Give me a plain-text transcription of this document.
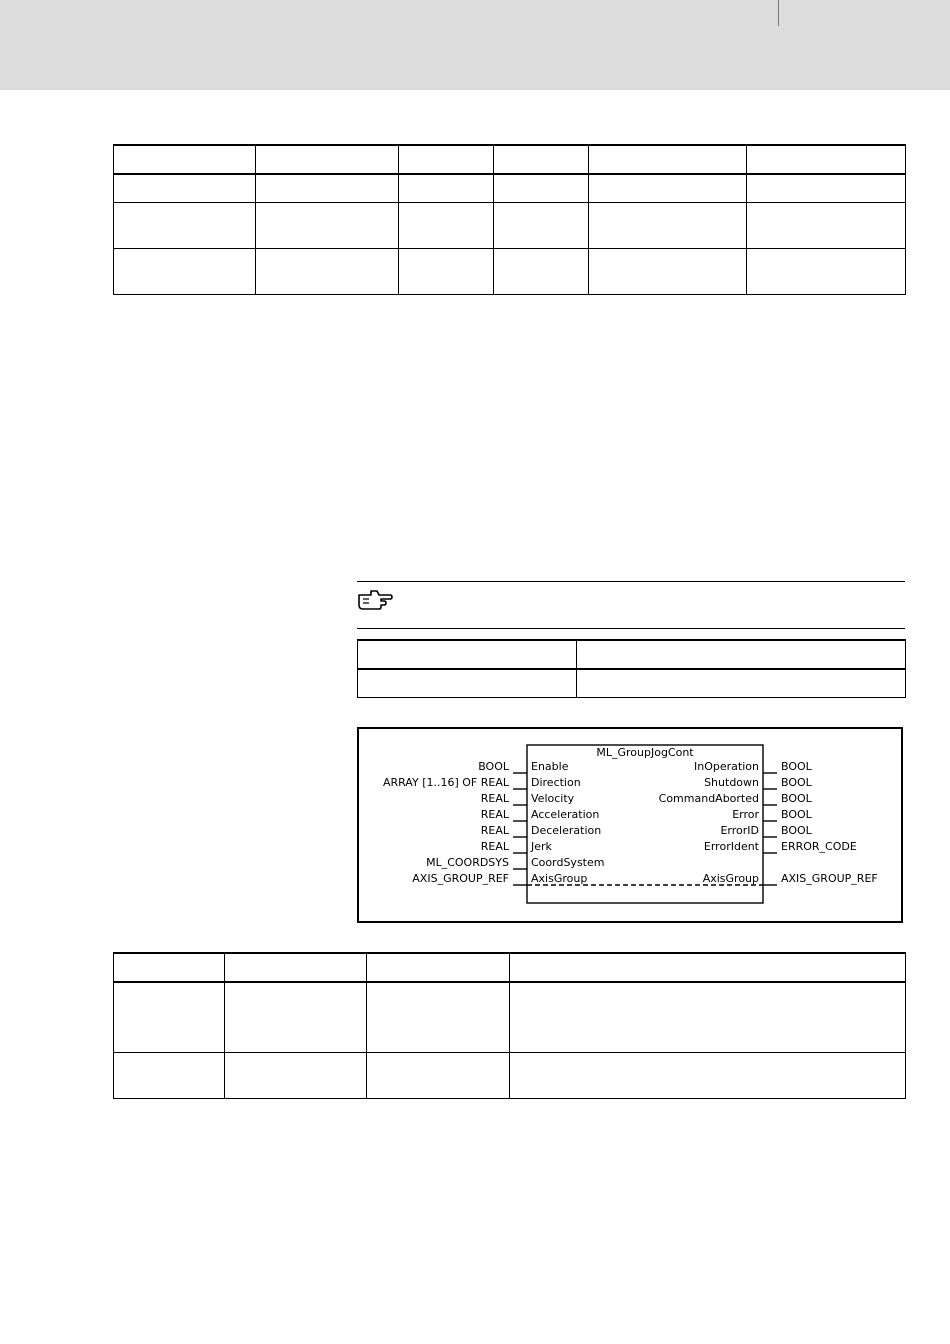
ML_GroupJogCont
BOOL Enable
ARRAY [1..16] OF REAL Direction
REAL Velocity
REAL Acceleration
REAL Deceleration
REAL Jerk
ML_COORDSYS CoordSystem
AXIS_GROUP_REF AxisGroup
InOperation BOOL
Shutdown BOOL
CommandAborted BOOL
Error BOOL
ErrorID BOOL
ErrorIdent ERROR_CODE
AxisGroup AXIS_GROUP_REF
